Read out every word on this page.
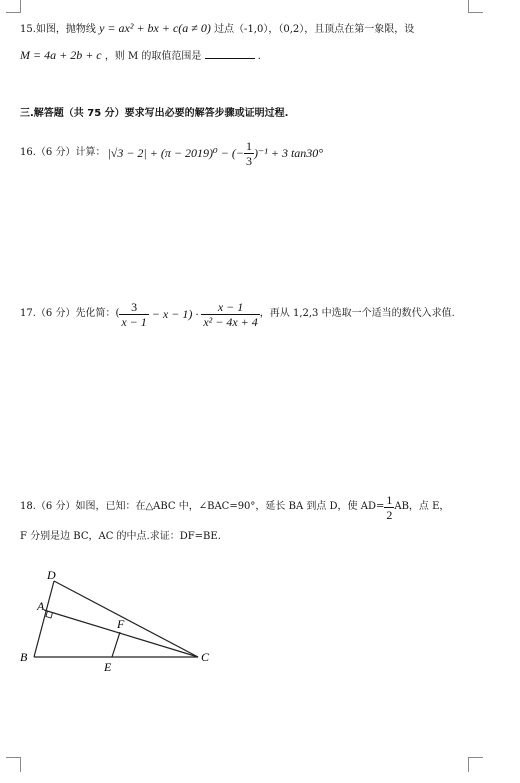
15.如图，抛物线 y = ax² + bx + c(a ≠ 0) 过点（-1,0），（0,2），且顶点在第一象限，设
M = 4a + 2b + c ，则 M 的取值范围是	.
三.解答题（共 75 分）要求写出必要的解答步骤或证明过程.
16.（6 分）计算： |√3 − 2| + (π − 2019)⁰ − (− $\frac{1}{3} )^{-1} + 3$ tan30°
17.（6 分）先化简：( $\frac{3}{x - 1} - x - 1) \cdot \frac{x - 1}{\text{x² − 4x + 4}}$ ，再从 1,2,3 中选取一个适当的数代入求值.
18.（6 分）如图，已知：在△ABC 中，∠BAC=90°，延长 BA 到点 D，使 $AD= \frac{1}{2}$ AB，点 E，
F 分别是边 BC，AC 的中点.求证：DF=BE.
D
A
B
E
F
C
